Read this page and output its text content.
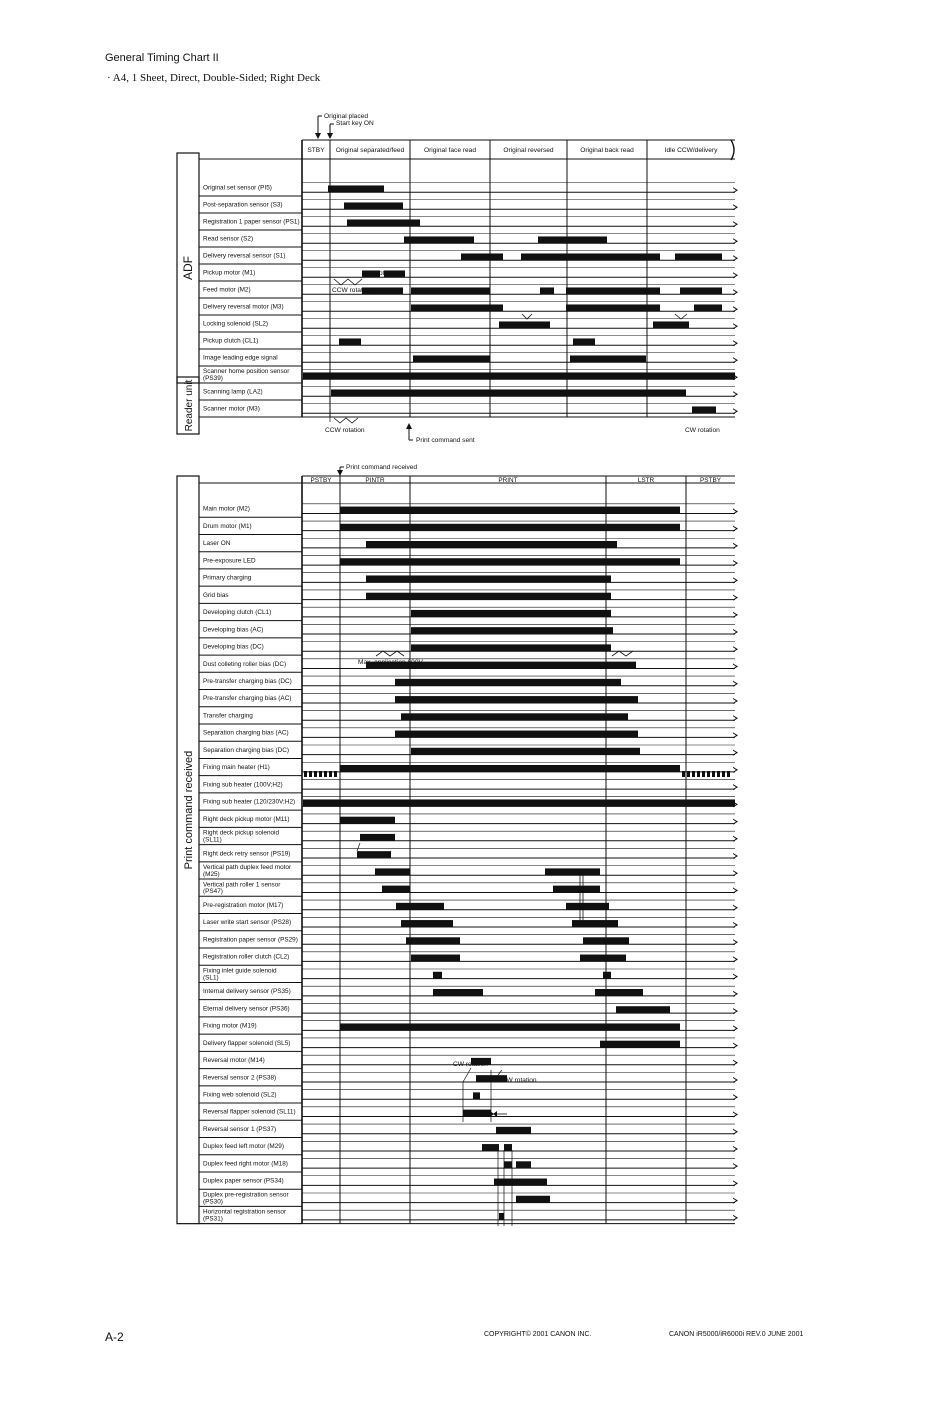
General Timing Chart II
· A4, 1 Sheet, Direct, Double-Sided; Right Deck
STBY Original separated/feed	Original face read	Original reversed	Original back read	Idle CCW/delivery
Original set sensor (PI5)
Post-separation sensor (S3)
Registration 1 paper sensor (PS1)
Read sensor (S2)
Delivery reversal sensor (S1)
Pickup motor (M1)
Feed motor (M2)
Delivery reversal motor (M3)
Locking solenoid (SL2)
Pickup clutch (CL1)
Image leading edge signal
Scanner home position sensor
(PS39)
Scanning lamp (LA2)
Scanner motor (M3)
ADF
Reader unit
Original placed
Start key ON
CW rotation
CCW rotation
CCW rotation
Print command sent
CW rotation
PSTBY	PINTR	PRINT	LSTR	PSTBY
Main motor (M2)
Drum motor (M1)
Laser ON
Pre-exposure LED
Primary charging
Grid bias
Developing clutch (CL1)
Developing bias (AC)
Developing bias (DC)
Dust colleting roller bias (DC)
Pre-transfer charging bias (DC)
Pre-transfer charging bias (AC)
Transfer charging
Separation charging bias (AC)
Separation charging bias (DC)
Fixing main heater (H1)
Fixing sub heater (100V;H2)
Fixing sub heater (120/230V;H2)
Right deck pickup motor (M11)
Right deck pickup solenoid
(SL11)
Right deck retry sensor (PS19)
Vertical path duplex feed motor
(M25)
Vertical path roller 1 sensor
(PS47)
Pre-registration motor (M17)
Laser write start sensor (PS28)
Registration paper sensor (PS29)
Registration roller clutch (CL2)
Fixing inlet guide solenoid
(SL1)
Internal delivery sensor (PS35)
Eternal delivery sensor (PS36)
Fixing motor (M19)
Delivery flapper solenoid (SL5)
Reversal motor (M14)
Reversal sensor 2 (PS38)
Fixing web solenoid (SL2)
Reversal flapper solenoid (SL11)
Reversal sensor 1 (PS37)
Duplex feed left motor (M29)
Duplex feed right motor (M18)
Duplex paper sensor (PS34)
Duplex pre-registration sensor
(PS30)
Horizontal registration sensor
(PS31)
Print command received
Print command received
Max. application 600V
CW rotation
CCW rotation
A-2	COPYRIGHT© 2001 CANON INC.	CANON iR5000/iR6000i REV.0 JUNE 2001
